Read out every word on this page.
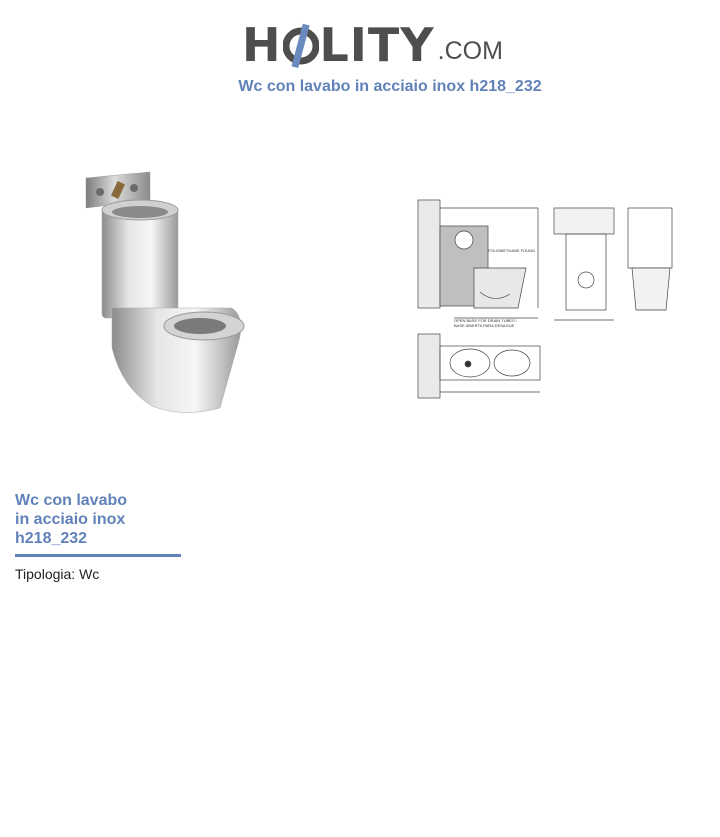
H LITY .COM
Wc con lavabo in acciaio inox h218_232
FOLG/METHANE FOUNG
OPEN BASE FOR DRAIN TUBES /
BASE ABIERTA PARA DESAGUE
Wc con lavabo
in acciaio inox
h218_232
Tipologia: Wc
